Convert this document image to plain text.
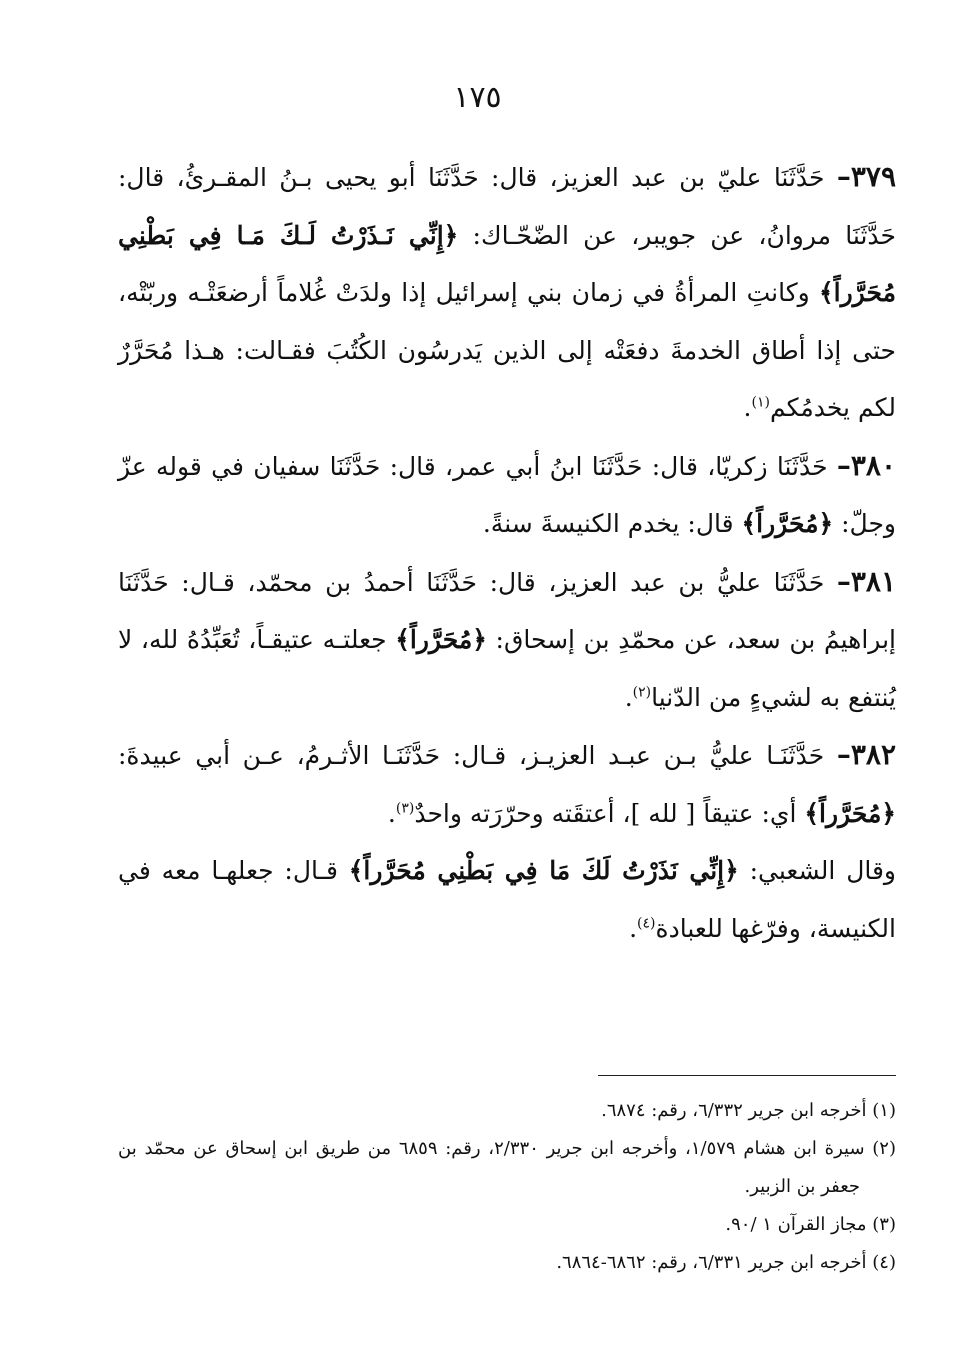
١٧٥

٣٧٩– حَدَّثَنَا عليّ بن عبد العزيز، قال: حَدَّثَنَا أبو يحيى بـنُ المقـرئُ، قال: حَدَّثَنَا مروانُ، عن جويبر، عن الضّحّـاك: ﴿إِنِّي نَـذَرْتُ لَـكَ مَـا فِي بَطْنِي مُحَرَّراً﴾ وكانتِ المرأةُ في زمان بني إسرائيل إذا ولدَتْ غُلاماً أرضعَتْـه وربّتْه، حتى إذا أطاق الخدمةَ دفعَتْه إلى الذين يَدرسُون الكُتُبَ فقـالت: هـذا مُحَرَّرٌ لكم يخدمُكم$^{(١)}$.

٣٨٠– حَدَّثَنَا زكريّا، قال: حَدَّثَنَا ابنُ أبي عمر، قال: حَدَّثَنَا سفيان في قوله عزّ وجلّ: ﴿مُحَرَّراً﴾ قال: يخدم الكنيسةَ سنةً.

٣٨١– حَدَّثَنَا عليُّ بن عبد العزيز، قال: حَدَّثَنَا أحمدُ بن محمّد، قـال: حَدَّثَنَا إبراهيمُ بن سعد، عن محمّدِ بن إسحاق: ﴿مُحَرَّراً﴾ جعلتـه عتيقـاً، تُعَبِّدُهُ لله، لا يُنتفع به لشيءٍ من الدّنيا$^{(٢)}$.

٣٨٢– حَدَّثَنَـا عليُّ بـن عبـد العزيـز، قـال: حَدَّثَنَـا الأثـرمُ، عـن أبي عبيدةَ: ﴿مُحَرَّراً﴾ أي: عتيقاً [ لله ]، أعتقَته وحرّرَته واحدٌ$^{(٣)}$.

وقال الشعبي: ﴿إِنِّي نَذَرْتُ لَكَ مَا فِي بَطْنِي مُحَرَّراً﴾ قـال: جعلهـا معه في الكنيسة، وفرّغها للعبادة$^{(٤)}$.

(١) أخرجه ابن جرير ٦/٣٣٢، رقم: ٦٨٧٤.

(٢) سيرة ابن هشام ١/٥٧٩، وأخرجه ابن جرير ٢/٣٣٠، رقم: ٦٨٥٩ من طريق ابن إسحاق عن محمّد بن جعفر بن الزبير.

(٣) مجاز القرآن ١ /٩٠.

(٤) أخرجه ابن جرير ٦/٣٣١، رقم: ٦٨٦٢-٦٨٦٤.
